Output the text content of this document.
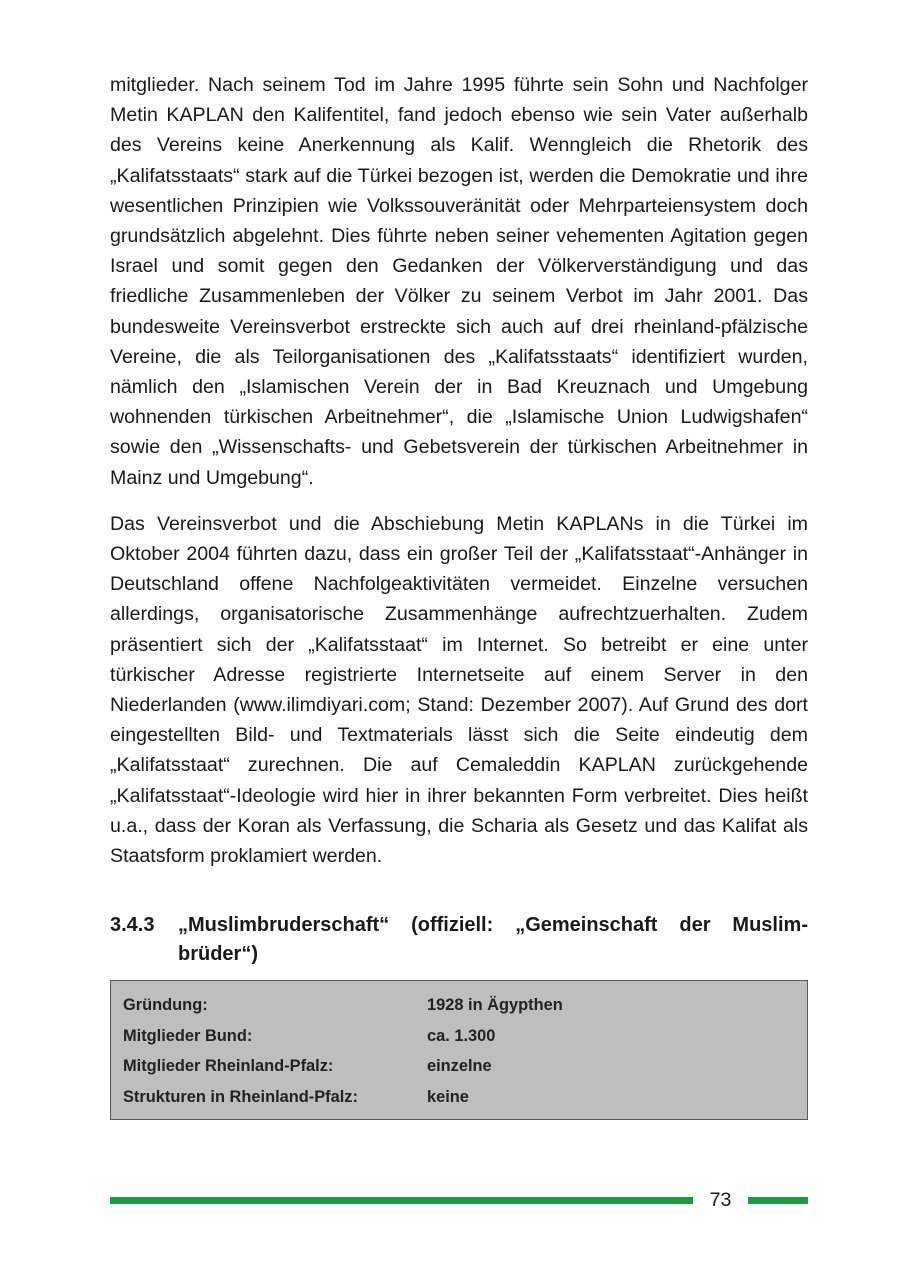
mitglieder. Nach seinem Tod im Jahre 1995 führte sein Sohn und Nachfolger Metin KAPLAN den Kalifentitel, fand jedoch ebenso wie sein Vater außerhalb des Vereins keine Anerkennung als Kalif. Wenngleich die Rhetorik des „Kalifatsstaats“ stark auf die Türkei bezogen ist, werden die Demokratie und ihre wesentlichen Prinzipien wie Volkssouveränität oder Mehrparteiensystem doch grundsätzlich abgelehnt. Dies führte neben seiner vehementen Agitation gegen Israel und somit gegen den Gedanken der Völkerverständigung und das friedliche Zusammenleben der Völker zu seinem Verbot im Jahr 2001. Das bundesweite Vereinsverbot erstreckte sich auch auf drei rheinland-pfälzische Vereine, die als Teilorganisationen des „Kalifatsstaats“ identifiziert wurden, nämlich den „Islamischen Verein der in Bad Kreuznach und Umgebung wohnenden türkischen Arbeitnehmer“, die „Islamische Union Ludwigshafen“ sowie den „Wissenschafts- und Gebetsverein der türkischen Arbeitnehmer in Mainz und Umgebung“.

Das Vereinsverbot und die Abschiebung Metin KAPLANs in die Türkei im Oktober 2004 führten dazu, dass ein großer Teil der „Kalifatsstaat“-Anhänger in Deutschland offene Nachfolgeaktivitäten vermeidet. Einzelne versuchen allerdings, organisatorische Zusammenhänge aufrechtzuerhalten. Zudem präsentiert sich der „Kalifatsstaat“ im Internet. So betreibt er eine unter türkischer Adresse registrierte Internetseite auf einem Server in den Niederlanden (www.ilimdiyari.com; Stand: Dezember 2007). Auf Grund des dort eingestellten Bild- und Textmaterials lässt sich die Seite eindeutig dem „Kalifatsstaat“ zurechnen. Die auf Cemaleddin KAPLAN zurückgehende „Kalifatsstaat“-Ideologie wird hier in ihrer bekannten Form verbreitet. Dies heißt u.a., dass der Koran als Verfassung, die Scharia als Gesetz und das Kalifat als Staatsform proklamiert werden.

3.4.3	„Muslimbruderschaft“ (offiziell: „Gemeinschaft der Muslimbrüder“)
Gründung:	1928 in Ägypthen
Mitglieder Bund:	ca. 1.300
Mitglieder Rheinland-Pfalz:	einzelne
Strukturen in Rheinland-Pfalz:	keine
73
